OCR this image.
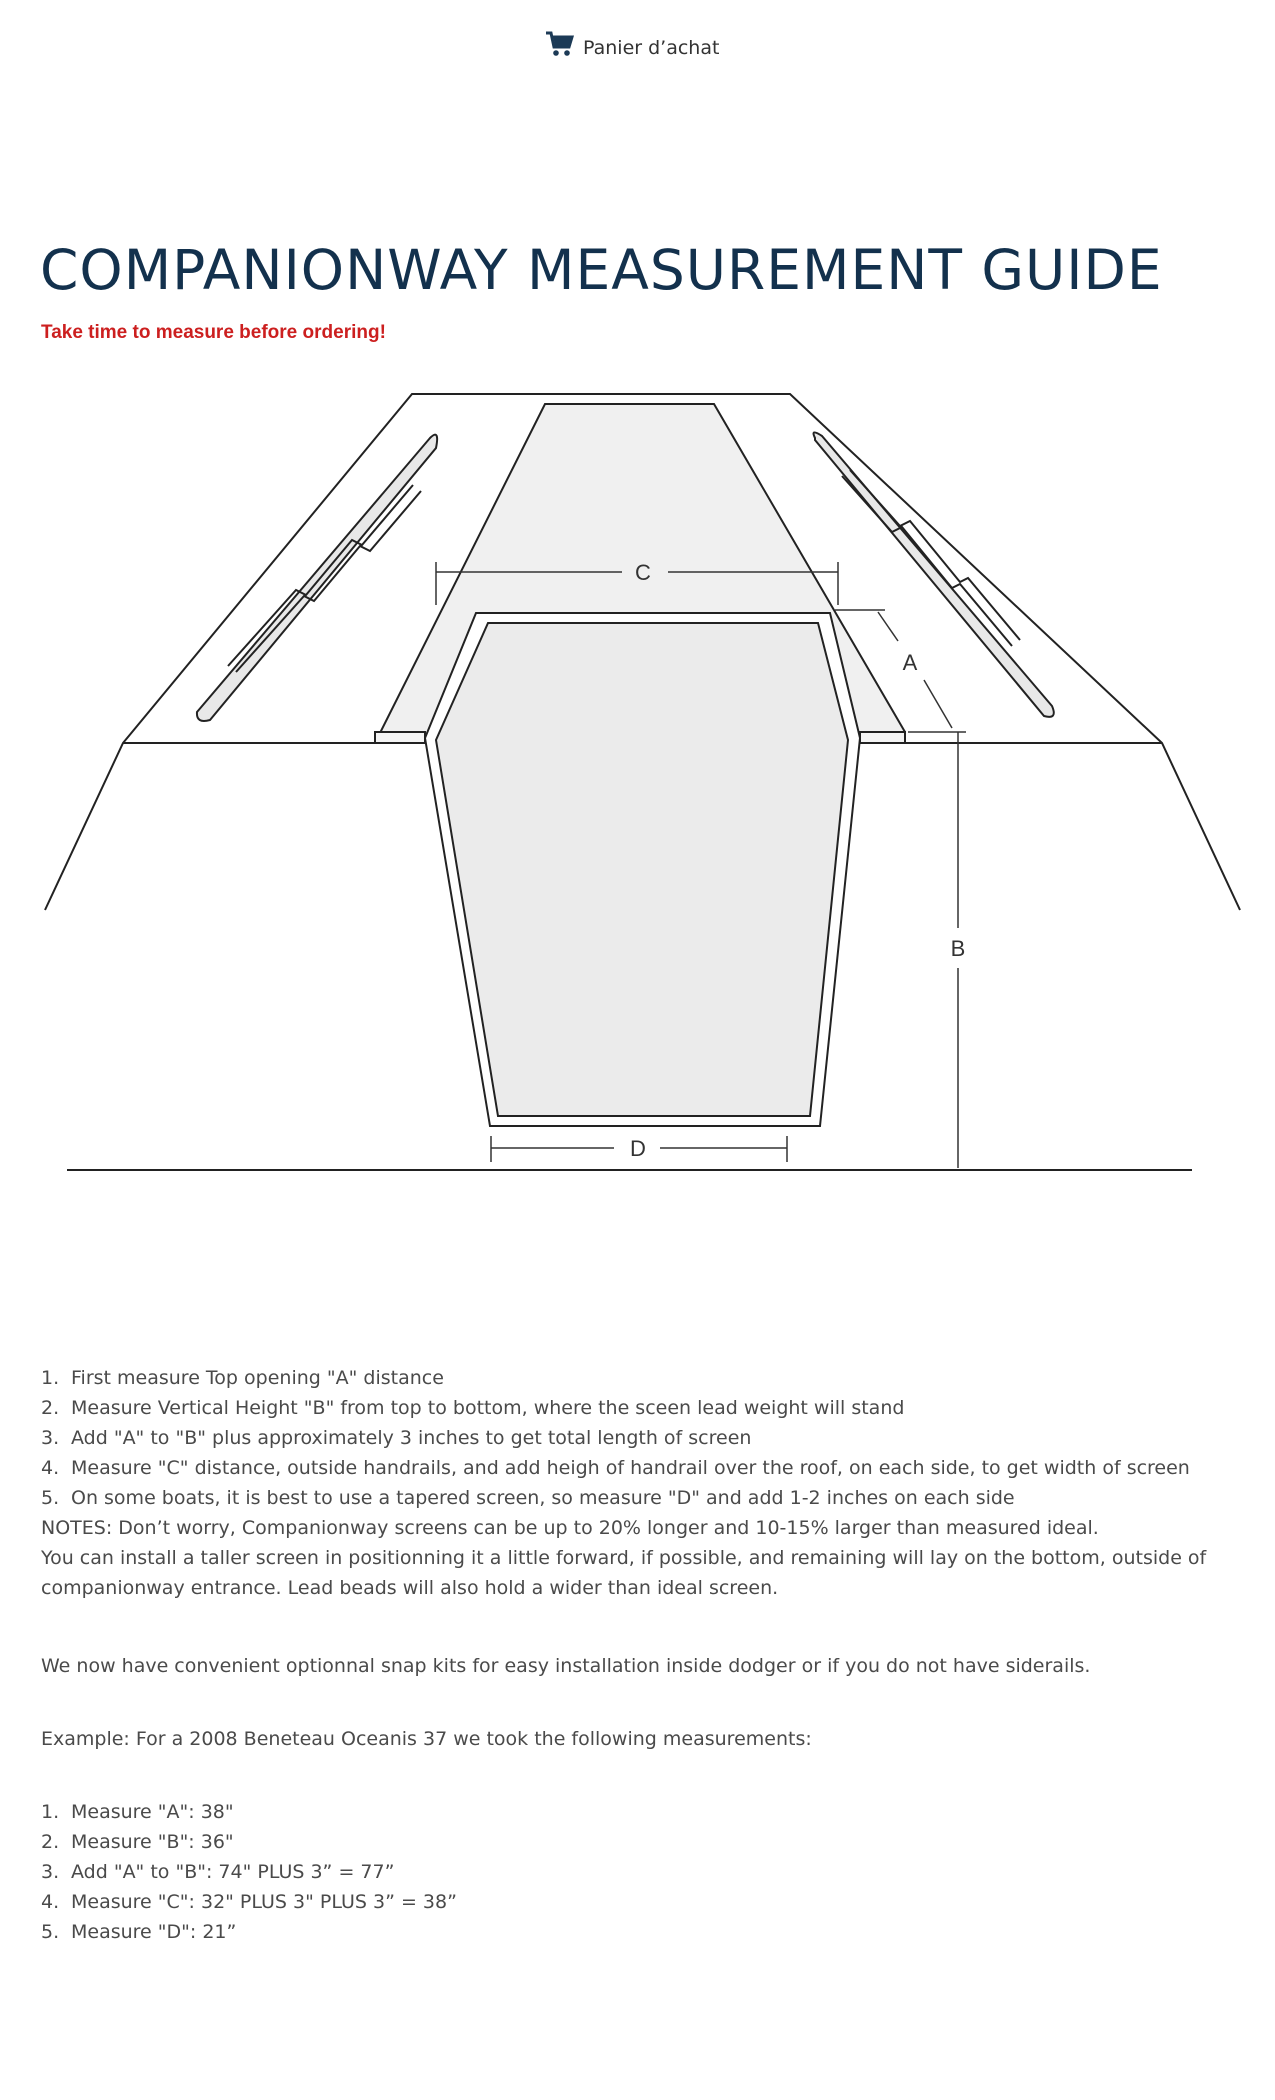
Panier d’achat
COMPANIONWAY MEASUREMENT GUIDE
Take time to measure before ordering!
C
A
B
D
1. First measure Top opening "A" distance
2. Measure Vertical Height "B" from top to bottom, where the sceen lead weight will stand
3. Add "A" to "B" plus approximately 3 inches to get total length of screen
4. Measure "C" distance, outside handrails, and add heigh of handrail over the roof, on each side, to get width of screen
5. On some boats, it is best to use a tapered screen, so measure "D" and add 1-2 inches on each side

NOTES: Don’t worry, Companionway screens can be up to 20% longer and 10-15% larger than measured ideal.

You can install a taller screen in positionning it a little forward, if possible, and remaining will lay on the bottom, outside of

companionway entrance. Lead beads will also hold a wider than ideal screen.

We now have convenient optionnal snap kits for easy installation inside dodger or if you do not have siderails.

Example: For a 2008 Beneteau Oceanis 37 we took the following measurements:

1. Measure "A": 38"
2. Measure "B": 36"
3. Add "A" to "B": 74" PLUS 3” = 77”
4. Measure "C": 32" PLUS 3" PLUS 3” = 38”
5. Measure "D": 21”
